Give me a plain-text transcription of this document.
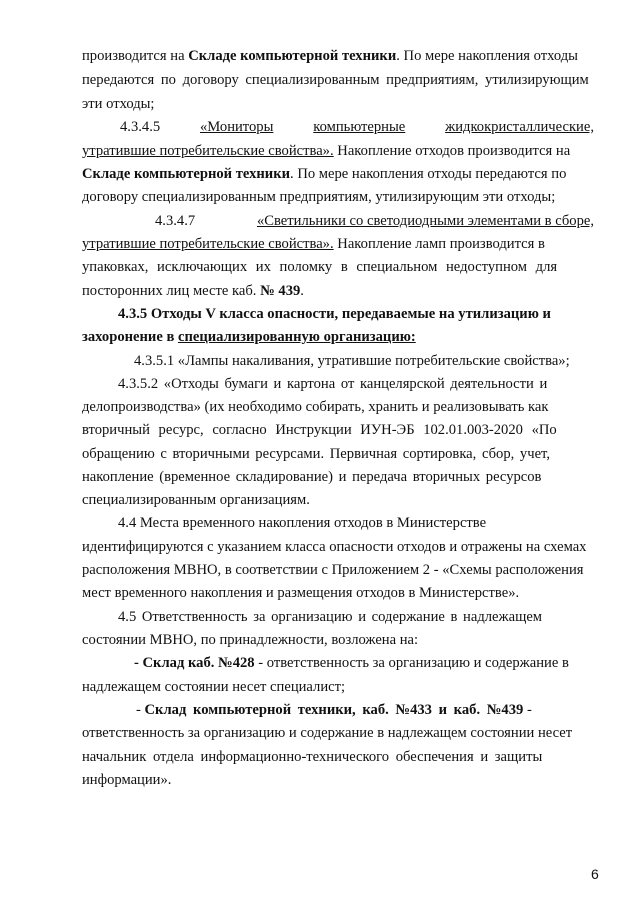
производится на Складе компьютерной техники. По мере накопления отходы
передаются по договору специализированным предприятиям, утилизирующим
эти отходы;
4.3.4.5	«Мониторы	компьютерные	жидкокристаллические,
утратившие потребительские свойства». Накопление отходов производится на
Складе компьютерной техники. По мере накопления отходы передаются по
договору специализированным предприятиям, утилизирующим эти отходы;
4.3.4.7	«Светильники со светодиодными элементами в сборе,
утратившие потребительские свойства». Накопление ламп производится в
упаковках, исключающих их поломку в специальном недоступном для
посторонних лиц месте каб. № 439.
4.3.5 Отходы V класса опасности, передаваемые на утилизацию и
захоронение в специализированную организацию:
4.3.5.1 «Лампы накаливания, утратившие потребительские свойства»;
4.3.5.2 «Отходы бумаги и картона от канцелярской деятельности и
делопроизводства» (их необходимо собирать, хранить и реализовывать как
вторичный ресурс, согласно Инструкции ИУН-ЭБ 102.01.003-2020 «По
обращению с вторичными ресурсами. Первичная сортировка, сбор, учет,
накопление (временное складирование) и передача вторичных ресурсов
специализированным организациям.
4.4 Места временного накопления отходов в Министерстве
идентифицируются с указанием класса опасности отходов и отражены на схемах
расположения МВНО, в соответствии с Приложением 2 - «Схемы расположения
мест временного накопления и размещения отходов в Министерстве».
4.5 Ответственность за организацию и содержание в надлежащем
состоянии МВНО, по принадлежности, возложена на:
- Склад каб. №428 - ответственность за организацию и содержание в
надлежащем состоянии несет специалист;
- Склад компьютерной техники, каб. №433 и каб. №439 -
ответственность за организацию и содержание в надлежащем состоянии несет
начальник отдела информационно-технического обеспечения и защиты
информации».
6
